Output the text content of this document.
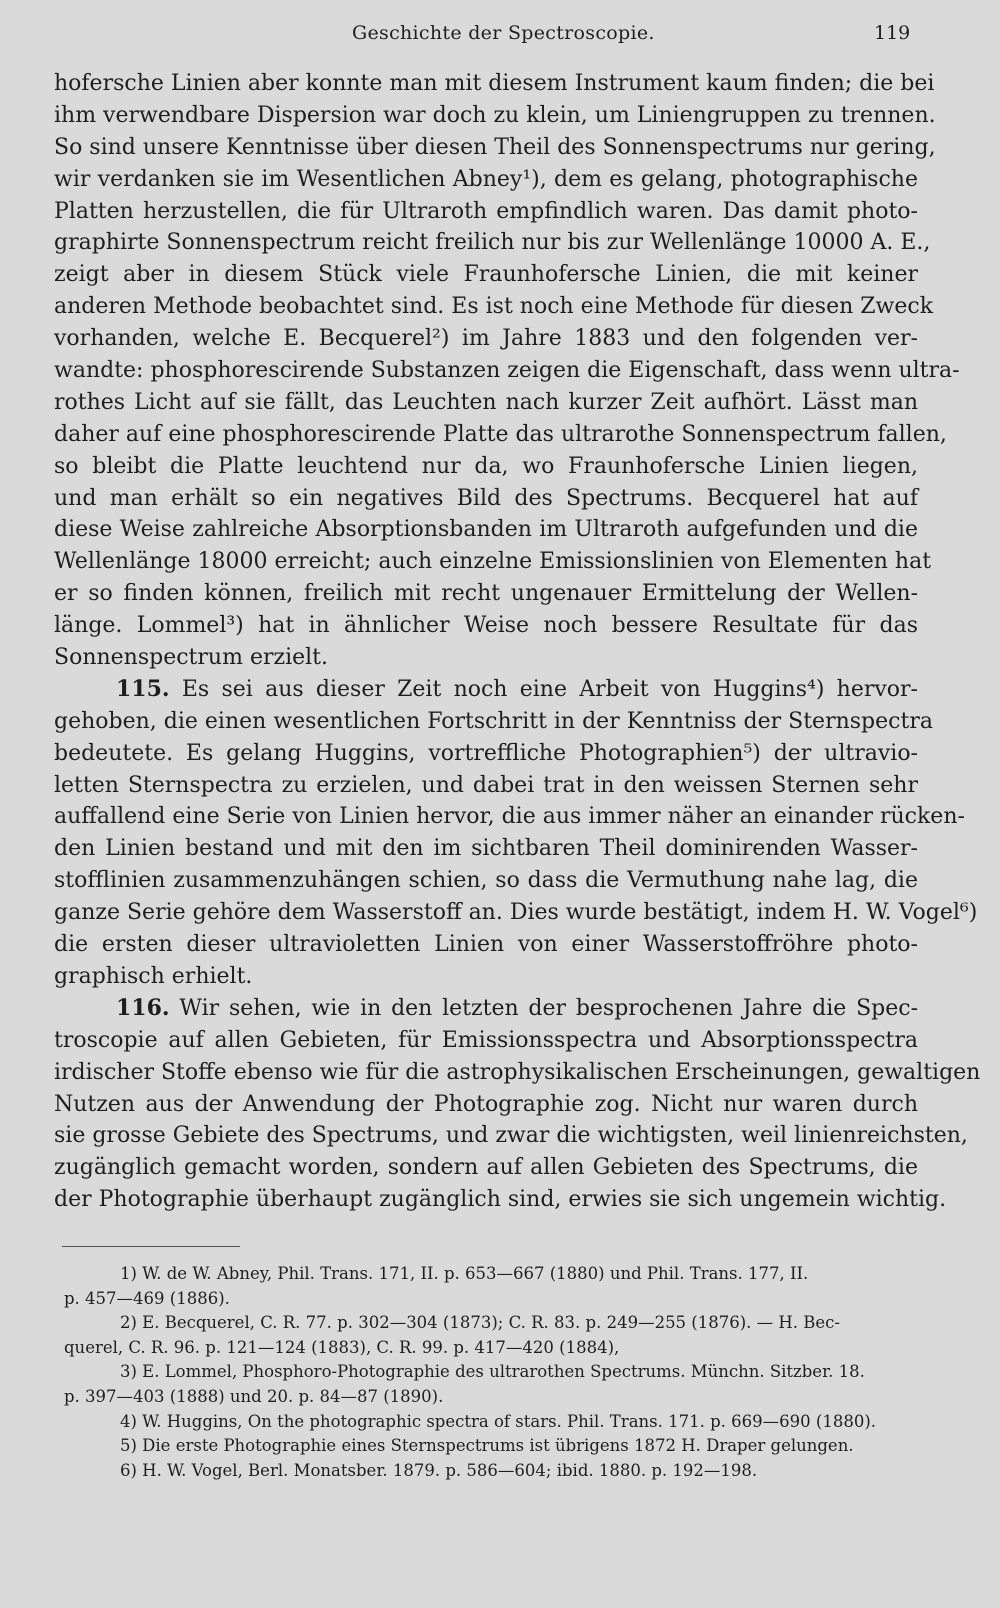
Geschichte der Spectroscopie.	119
hofersche Linien aber konnte man mit diesem Instrument kaum finden; die bei
ihm verwendbare Dispersion war doch zu klein, um Liniengruppen zu trennen.
So sind unsere Kenntnisse über diesen Theil des Sonnenspectrums nur gering,
wir verdanken sie im Wesentlichen Abney¹), dem es gelang, photographische
Platten herzustellen, die für Ultraroth empfindlich waren. Das damit photo-
graphirte Sonnenspectrum reicht freilich nur bis zur Wellenlänge 10000 A. E.,
zeigt aber in diesem Stück viele Fraunhofersche Linien, die mit keiner
anderen Methode beobachtet sind. Es ist noch eine Methode für diesen Zweck
vorhanden, welche E. Becquerel²) im Jahre 1883 und den folgenden ver-
wandte: phosphorescirende Substanzen zeigen die Eigenschaft, dass wenn ultra-
rothes Licht auf sie fällt, das Leuchten nach kurzer Zeit aufhört. Lässt man
daher auf eine phosphorescirende Platte das ultrarothe Sonnenspectrum fallen,
so bleibt die Platte leuchtend nur da, wo Fraunhofersche Linien liegen,
und man erhält so ein negatives Bild des Spectrums. Becquerel hat auf
diese Weise zahlreiche Absorptionsbanden im Ultraroth aufgefunden und die
Wellenlänge 18000 erreicht; auch einzelne Emissionslinien von Elementen hat
er so finden können, freilich mit recht ungenauer Ermittelung der Wellen-
länge. Lommel³) hat in ähnlicher Weise noch bessere Resultate für das
Sonnenspectrum erzielt.
115. Es sei aus dieser Zeit noch eine Arbeit von Huggins⁴) hervor-
gehoben, die einen wesentlichen Fortschritt in der Kenntniss der Sternspectra
bedeutete. Es gelang Huggins, vortreffliche Photographien⁵) der ultravio-
letten Sternspectra zu erzielen, und dabei trat in den weissen Sternen sehr
auffallend eine Serie von Linien hervor, die aus immer näher an einander rücken-
den Linien bestand und mit den im sichtbaren Theil dominirenden Wasser-
stofflinien zusammenzuhängen schien, so dass die Vermuthung nahe lag, die
ganze Serie gehöre dem Wasserstoff an. Dies wurde bestätigt, indem H. W. Vogel⁶)
die ersten dieser ultravioletten Linien von einer Wasserstoffröhre photo-
graphisch erhielt.
116. Wir sehen, wie in den letzten der besprochenen Jahre die Spec-
troscopie auf allen Gebieten, für Emissionsspectra und Absorptionsspectra
irdischer Stoffe ebenso wie für die astrophysikalischen Erscheinungen, gewaltigen
Nutzen aus der Anwendung der Photographie zog. Nicht nur waren durch
sie grosse Gebiete des Spectrums, und zwar die wichtigsten, weil linienreichsten,
zugänglich gemacht worden, sondern auf allen Gebieten des Spectrums, die
der Photographie überhaupt zugänglich sind, erwies sie sich ungemein wichtig.
1) W. de W. Abney, Phil. Trans. 171, II. p. 653—667 (1880) und Phil. Trans. 177, II.
p. 457—469 (1886).
2) E. Becquerel, C. R. 77. p. 302—304 (1873); C. R. 83. p. 249—255 (1876). — H. Bec-
querel, C. R. 96. p. 121—124 (1883), C. R. 99. p. 417—420 (1884),
3) E. Lommel, Phosphoro-Photographie des ultrarothen Spectrums. Münchn. Sitzber. 18.
p. 397—403 (1888) und 20. p. 84—87 (1890).
4) W. Huggins, On the photographic spectra of stars. Phil. Trans. 171. p. 669—690 (1880).
5) Die erste Photographie eines Sternspectrums ist übrigens 1872 H. Draper gelungen.
6) H. W. Vogel, Berl. Monatsber. 1879. p. 586—604; ibid. 1880. p. 192—198.
